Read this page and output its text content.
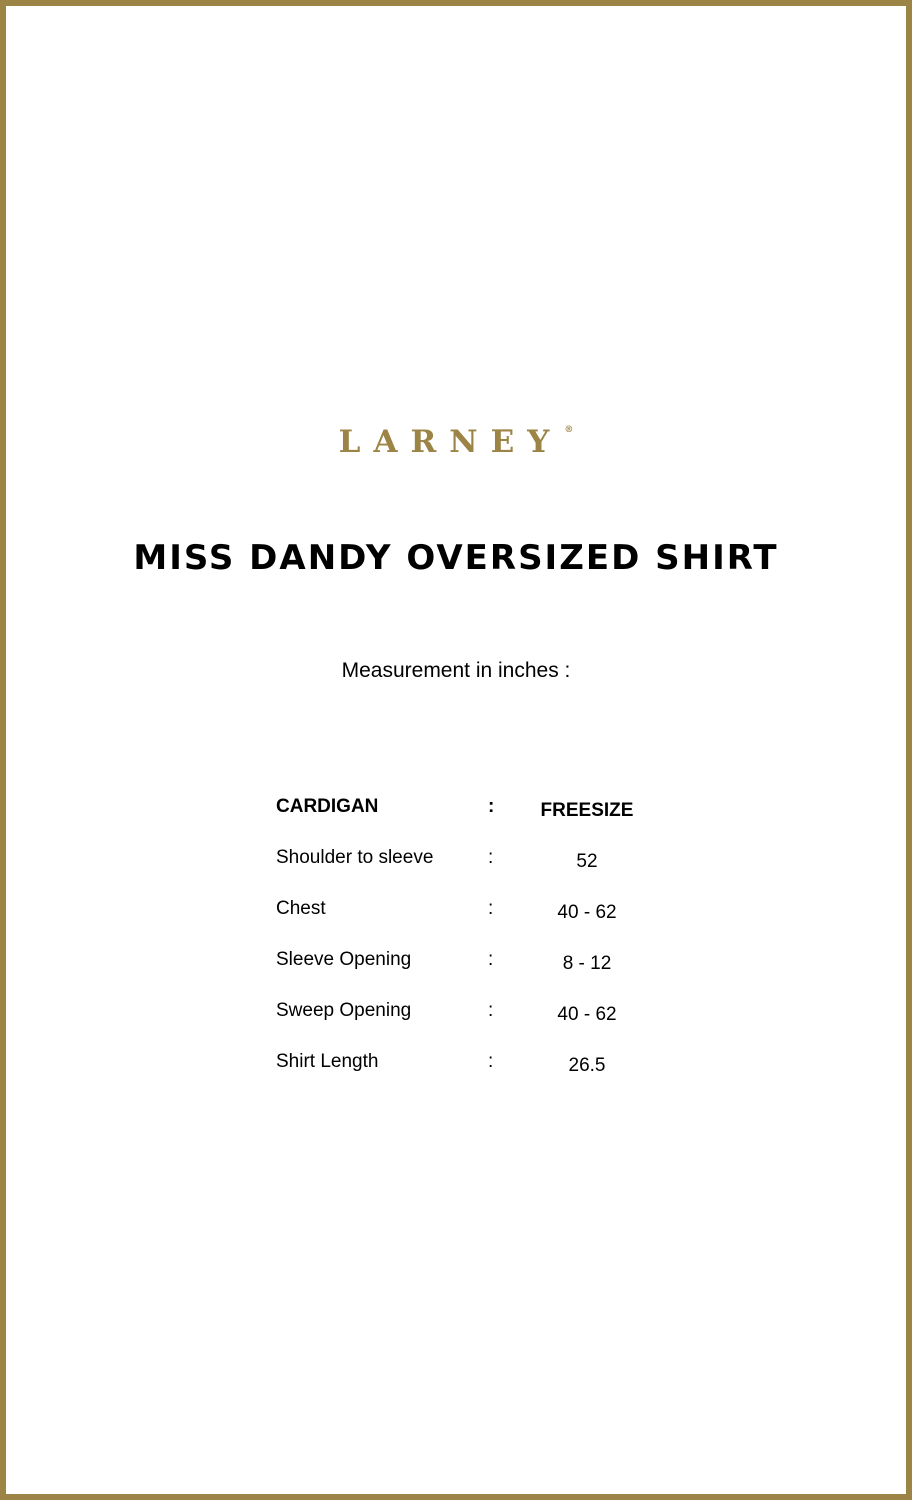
LARNEY ®
MISS DANDY OVERSIZED SHIRT
Measurement in inches :
CARDIGAN	:	FREESIZE
Shoulder to sleeve	:	52
Chest	:	40 - 62
Sleeve Opening	:	8 - 12
Sweep Opening	:	40 - 62
Shirt Length	:	26.5
